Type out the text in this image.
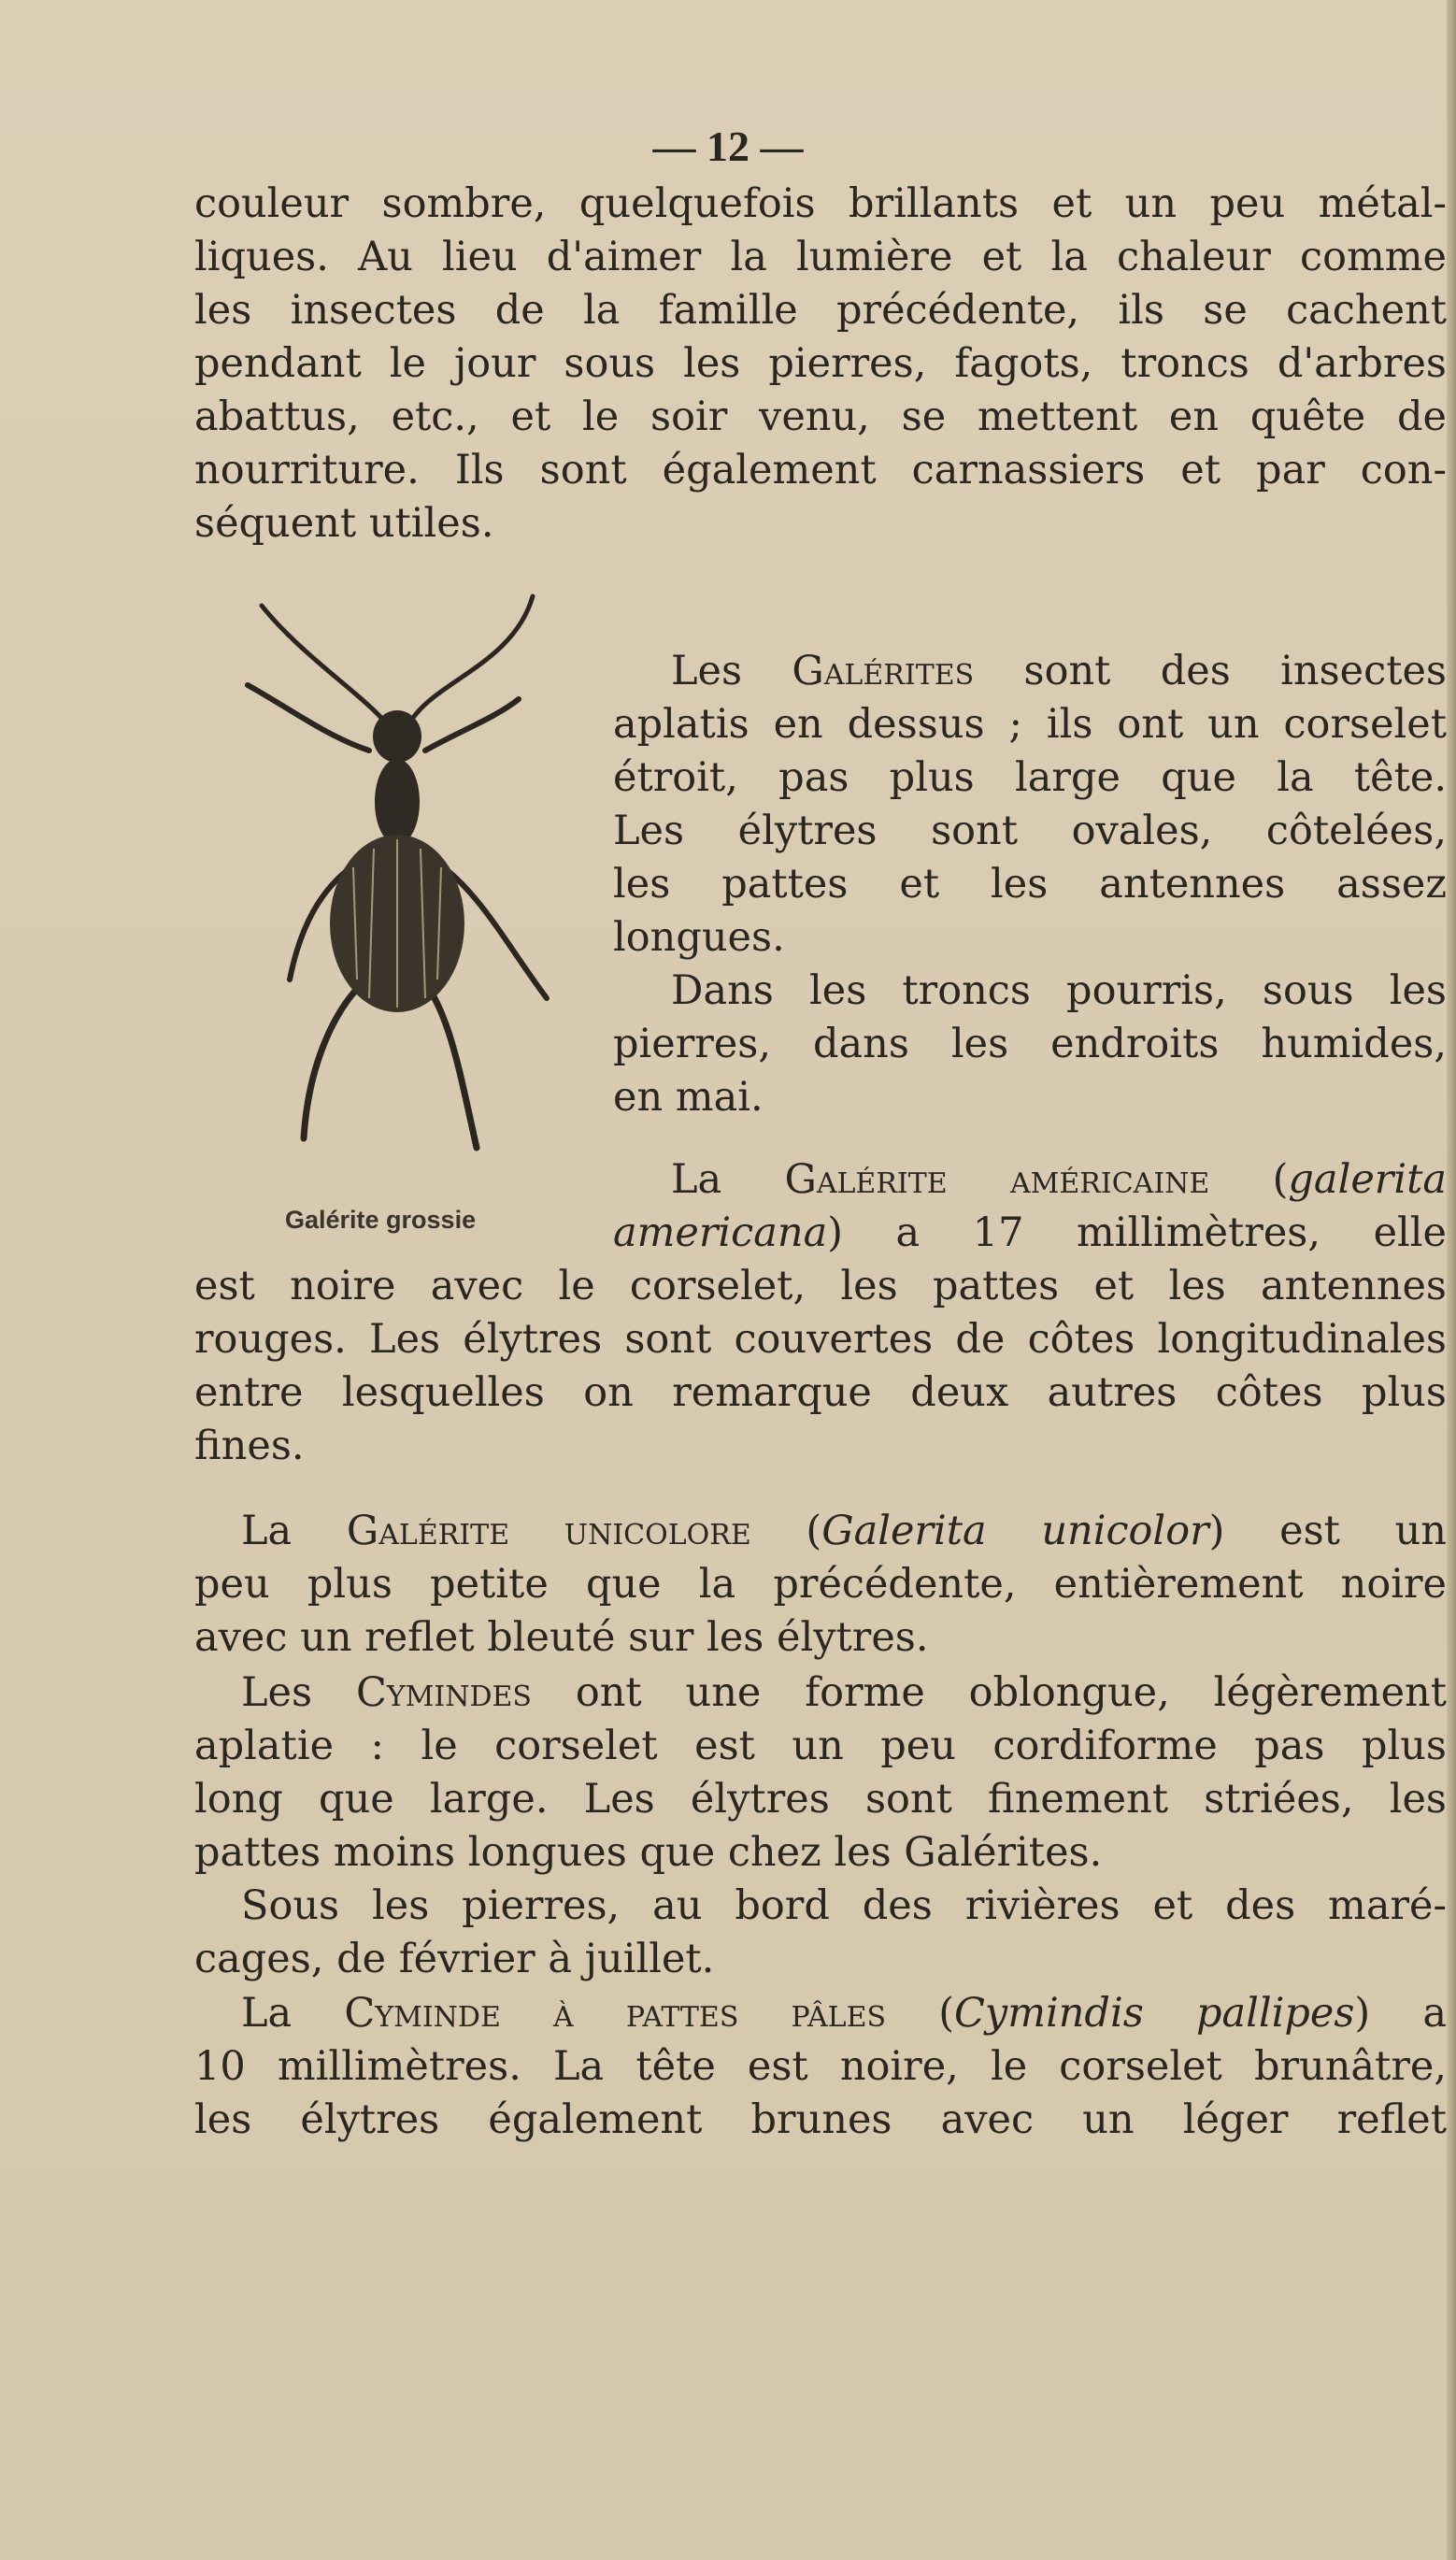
— 12 —
couleur sombre, quelquefois brillants et un peu métal-
liques. Au lieu d'aimer la lumière et la chaleur comme
les insectes de la famille précédente, ils se cachent
pendant le jour sous les pierres, fagots, troncs d'arbres
abattus, etc., et le soir venu, se mettent en quête de
nourriture. Ils sont également carnassiers et par con-
séquent utiles.
Galérite grossie
Les Galérites sont des insectes
aplatis en dessus ; ils ont un corselet
étroit, pas plus large que la tête.
Les élytres sont ovales, côtelées,
les pattes et les antennes assez
longues.
Dans les troncs pourris, sous les
pierres, dans les endroits humides,
en mai.
La Galérite américaine (galerita
americana) a 17 millimètres, elle
est noire avec le corselet, les pattes et les antennes
rouges. Les élytres sont couvertes de côtes longitudinales
entre lesquelles on remarque deux autres côtes plus
fines.
La Galérite unicolore (Galerita unicolor) est un
peu plus petite que la précédente, entièrement noire
avec un reflet bleuté sur les élytres.
Les Cymindes ont une forme oblongue, légèrement
aplatie : le corselet est un peu cordiforme pas plus
long que large. Les élytres sont finement striées, les
pattes moins longues que chez les Galérites.
Sous les pierres, au bord des rivières et des maré-
cages, de février à juillet.
La Cyminde à pattes pâles (Cymindis pallipes) a
10 millimètres. La tête est noire, le corselet brunâtre,
les élytres également brunes avec un léger reflet
